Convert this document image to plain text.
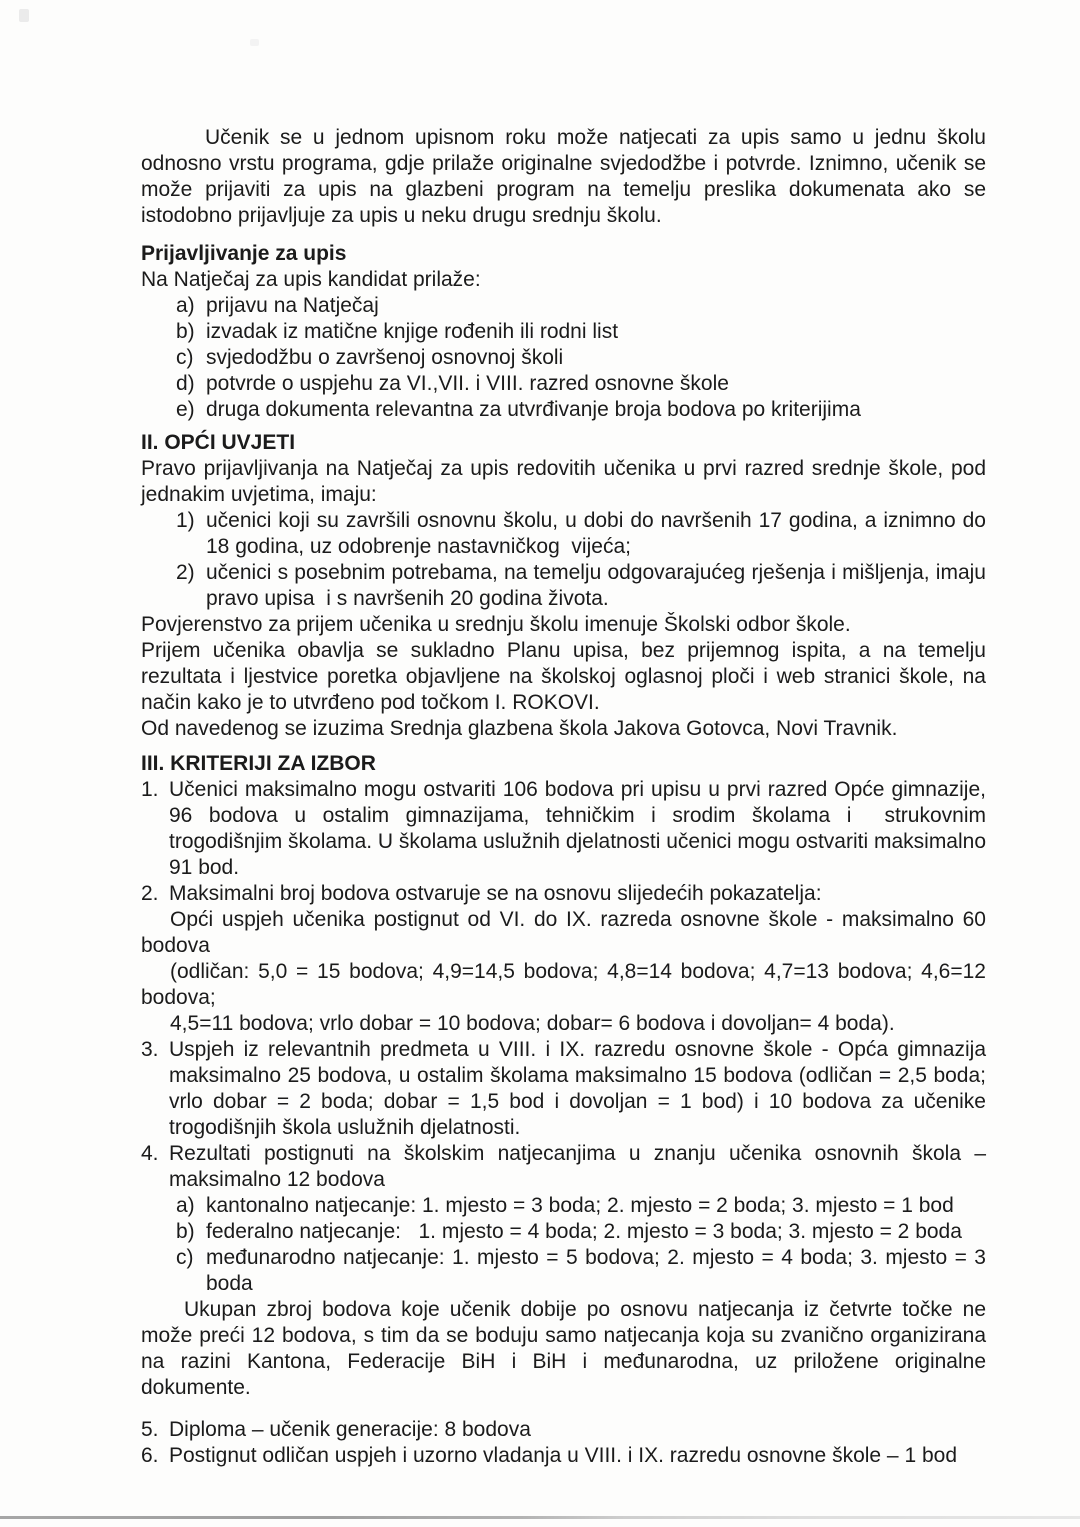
Učenik se u jednom upisnom roku može natjecati za upis samo u jednu školu odnosno vrstu programa, gdje prilaže originalne svjedodžbe i potvrde. Iznimno, učenik se može prijaviti za upis na glazbeni program na temelju preslika dokumenata ako se istodobno prijavljuje za upis u neku drugu srednju školu.

Prijavljivanje za upis

Na Natječaj za upis kandidat prilaže:

a) prijavu na Natječaj
b) izvadak iz matične knjige rođenih ili rodni list
c) svjedodžbu o završenoj osnovnoj školi
d) potvrde o uspjehu za VI.,VII. i VIII. razred osnovne škole
e) druga dokumenta relevantna za utvrđivanje broja bodova po kriterijima

II. OPĆI UVJETI

Pravo prijavljivanja na Natječaj za upis redovitih učenika u prvi razred srednje škole, pod jednakim uvjetima, imaju:

1) učenici koji su završili osnovnu školu, u dobi do navršenih 17 godina, a iznimno do 18 godina, uz odobrenje nastavničkog  vijeća;
2) učenici s posebnim potrebama, na temelju odgovarajućeg rješenja i mišljenja, imaju pravo upisa  i s navršenih 20 godina života.

Povjerenstvo za prijem učenika u srednju školu imenuje Školski odbor škole.

Prijem učenika obavlja se sukladno Planu upisa, bez prijemnog ispita, a na temelju rezultata i ljestvice poretka objavljene na školskoj oglasnoj ploči i web stranici škole, na način kako je to utvrđeno pod točkom I. ROKOVI.

Od navedenog se izuzima Srednja glazbena škola Jakova Gotovca, Novi Travnik.

III. KRITERIJI ZA IZBOR

1. Učenici maksimalno mogu ostvariti 106 bodova pri upisu u prvi razred Opće gimnazije, 96 bodova u ostalim gimnazijama, tehničkim i srodim školama i  strukovnim trogodišnjim školama. U školama uslužnih djelatnosti učenici mogu ostvariti maksimalno 91 bod.
2. Maksimalni broj bodova ostvaruje se na osnovu slijedećih pokazatelja:

Opći uspjeh učenika postignut od VI. do IX. razreda osnovne škole - maksimalno 60 bodova

(odličan: 5,0 = 15 bodova; 4,9=14,5 bodova; 4,8=14 bodova; 4,7=13 bodova; 4,6=12 bodova;

4,5=11 bodova; vrlo dobar = 10 bodova; dobar= 6 bodova i dovoljan= 4 boda).

3. Uspjeh iz relevantnih predmeta u VIII. i IX. razredu osnovne škole - Opća gimnazija maksimalno 25 bodova, u ostalim školama maksimalno 15 bodova (odličan = 2,5 boda; vrlo dobar = 2 boda; dobar = 1,5 bod i dovoljan = 1 bod) i 10 bodova za učenike trogodišnjih škola uslužnih djelatnosti.
4. Rezultati postignuti na školskim natjecanjima u znanju učenika osnovnih škola – maksimalno 12 bodova
a) kantonalno natjecanje: 1. mjesto = 3 boda; 2. mjesto = 2 boda; 3. mjesto = 1 bod
b) federalno natjecanje:   1. mjesto = 4 boda; 2. mjesto = 3 boda; 3. mjesto = 2 boda
c) međunarodno natjecanje: 1. mjesto = 5 bodova; 2. mjesto = 4 boda; 3. mjesto = 3 boda

Ukupan zbroj bodova koje učenik dobije po osnovu natjecanja iz četvrte točke ne može preći 12 bodova, s tim da se boduju samo natjecanja koja su zvanično organizirana na razini Kantona, Federacije BiH i BiH i međunarodna, uz priložene originalne dokumente.

5. Diploma – učenik generacije: 8 bodova
6. Postignut odličan uspjeh i uzorno vladanja u VIII. i IX. razredu osnovne škole – 1 bod
